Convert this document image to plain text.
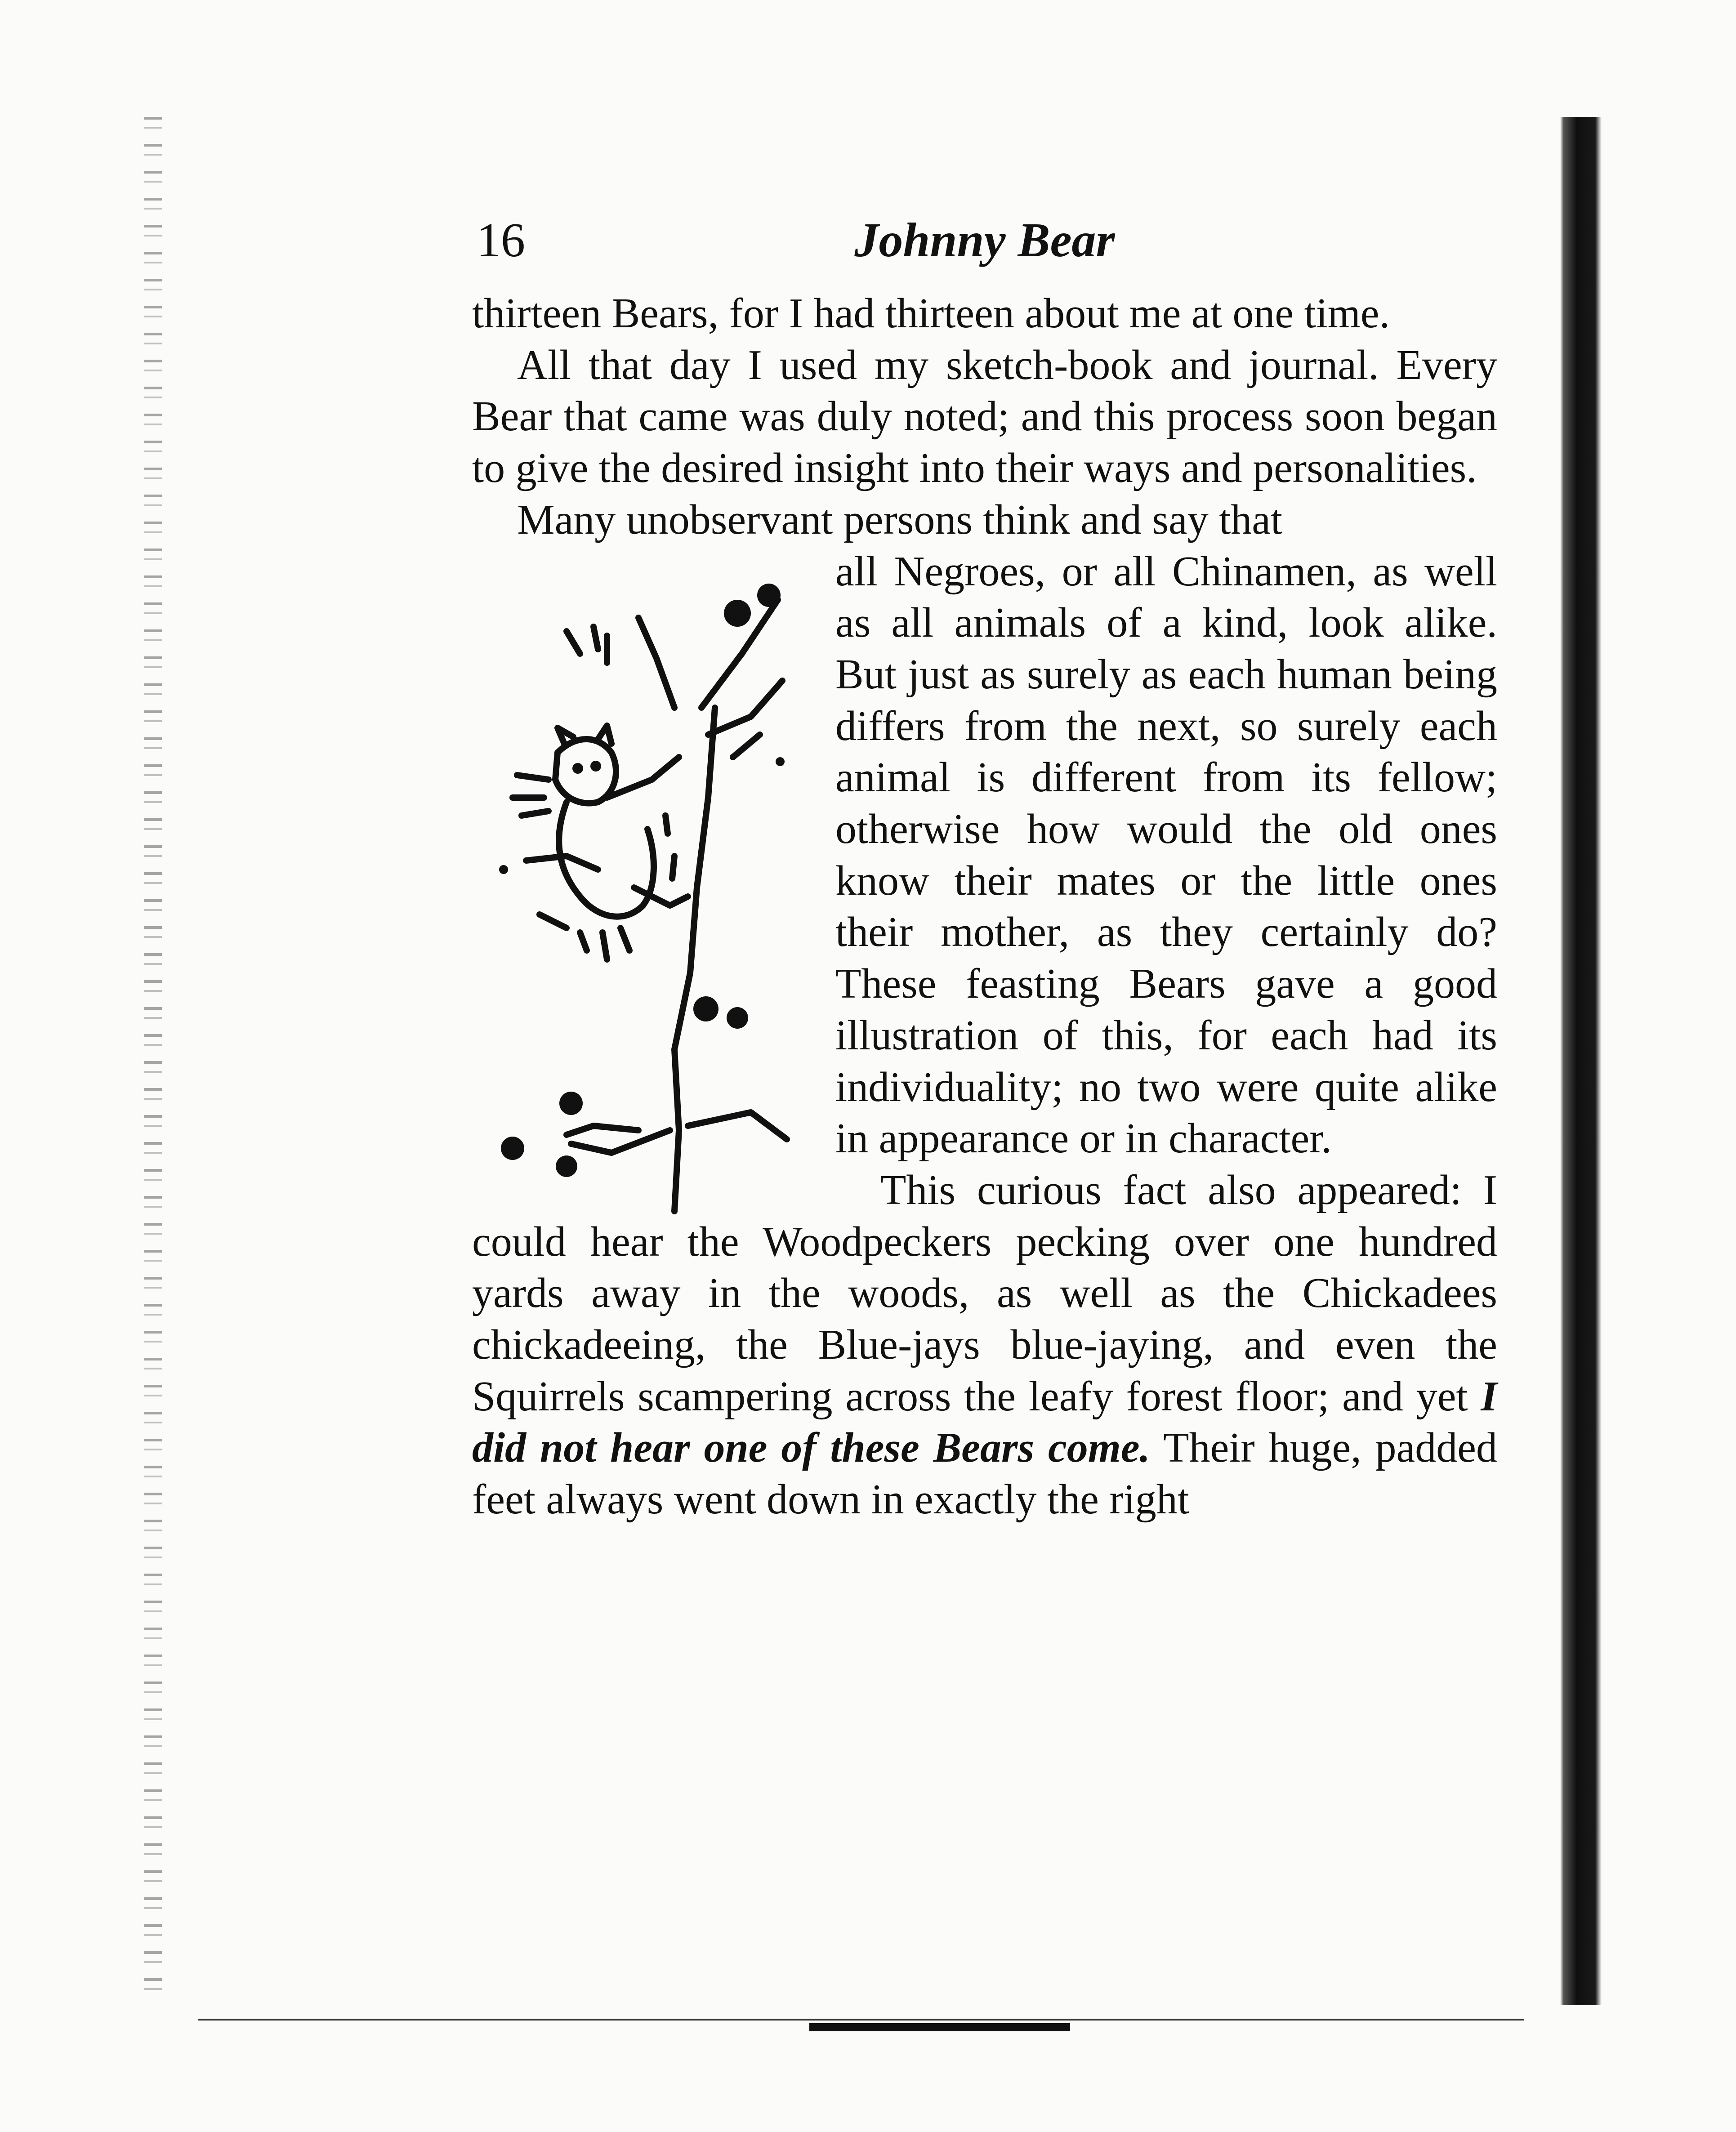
16	Johnny Bear

thirteen Bears, for I had thirteen about me at one time.

All that day I used my sketch-book and journal. Every Bear that came was duly noted; and this process soon began to give the desired insight into their ways and personalities.

Many unobservant persons think and say that

all Negroes, or all Chinamen, as well as all animals of a kind, look alike. But just as surely as each human being differs from the next, so surely each animal is different from its fellow; otherwise how would the old ones know their mates or the little ones their mother, as they certainly do? These feasting Bears gave a good illustration of this, for each had its individuality; no two were quite alike in appearance or in character.

This curious fact also appeared: I could hear the Woodpeckers pecking over one hundred yards away in the woods, as well as the Chickadees chickadeeing, the Blue-jays blue-jaying, and even the Squirrels scampering across the leafy forest floor; and yet I did not hear one of these Bears come. Their huge, padded feet always went down in exactly the right
